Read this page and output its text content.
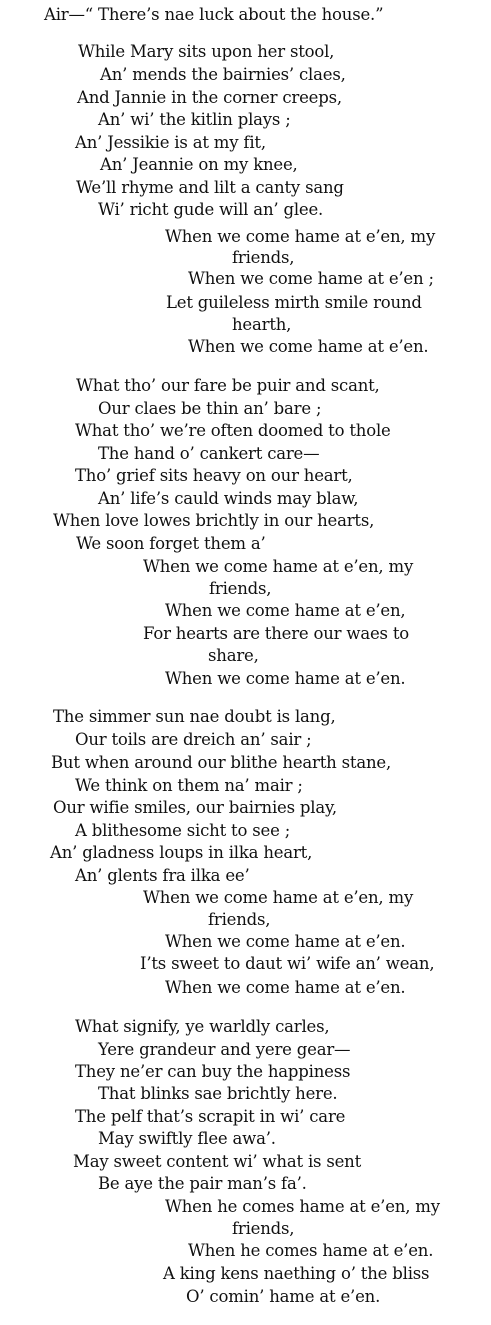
Air—“ There’s nae luck about the house.”
While Mary sits upon her stool,
An’ mends the bairnies’ claes,
And Jannie in the corner creeps,
An’ wi’ the kitlin plays ;
An’ Jessikie is at my fit,
An’ Jeannie on my knee,
We’ll rhyme and lilt a canty sang
Wi’ richt gude will an’ glee.
When we come hame at e’en, my
friends,
When we come hame at e’en ;
Let guileless mirth smile round
hearth,
When we come hame at e’en.
What tho’ our fare be puir and scant,
Our claes be thin an’ bare ;
What tho’ we’re often doomed to thole
The hand o’ cankert care—
Tho’ grief sits heavy on our heart,
An’ life’s cauld winds may blaw,
When love lowes brichtly in our hearts,
We soon forget them a’
When we come hame at e’en, my
friends,
When we come hame at e’en,
For hearts are there our waes to
share,
When we come hame at e’en.
The simmer sun nae doubt is lang,
Our toils are dreich an’ sair ;
But when around our blithe hearth stane,
We think on them na’ mair ;
Our wifie smiles, our bairnies play,
A blithesome sicht to see ;
An’ gladness loups in ilka heart,
An’ glents fra ilka ee’
When we come hame at e’en, my
friends,
When we come hame at e’en.
I’ts sweet to daut wi’ wife an’ wean,
When we come hame at e’en.
What signify, ye warldly carles,
Yere grandeur and yere gear—
They ne’er can buy the happiness
That blinks sae brichtly here.
The pelf that’s scrapit in wi’ care
May swiftly flee awa’.
May sweet content wi’ what is sent
Be aye the pair man’s fa’.
When he comes hame at e’en, my
friends,
When he comes hame at e’en.
A king kens naething o’ the bliss
O’ comin’ hame at e’en.
